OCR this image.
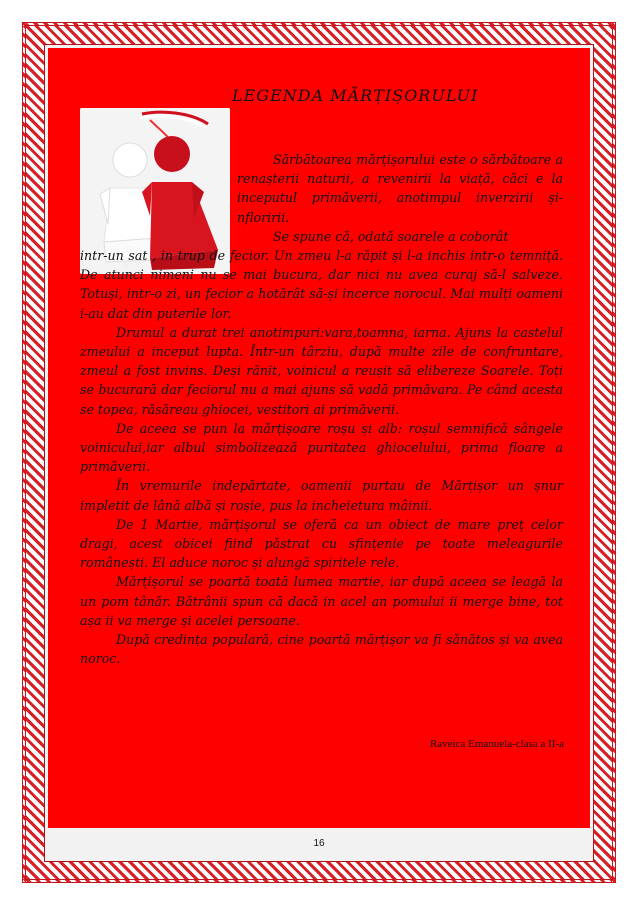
LEGENDA MĂRȚIȘORULUI

Sărbătoarea mărțișorului este o sărbătoare a renașterii naturii, a revenirii la viață, căci e la inceputul primăverii, anotimpul inverzirii și-nfloririi.

Se spune că, odată soarele a coborât

intr-un sat , in trup de fecior. Un zmeu l-a răpit și l-a inchis intr-o temniță. De atunci nimeni nu se mai bucura, dar nici nu avea curaj să-l salveze. Totuși, intr-o zi, un fecior a hotărât să-și incerce norocul. Mai mulți oameni i-au dat din puterile lor.

Drumul a durat trei anotimpuri:vara,toamna, iarna. Ajuns la castelul zmeului a inceput lupta. Într-un târziu, după multe zile de confruntare, zmeul a fost invins. Deși rănit, voinicul a reușit să elibereze Soarele. Toți se bucurară dar feciorul nu a mai ajuns să vadă primăvara. Pe când acesta se topea, răsăreau ghiocei, vestitori ai primăverii.

De aceea se pun la mărțișoare roșu și alb: roșul semnifică sângele voinicului,iar albul simbolizează puritatea ghiocelului, prima floare a primăverii.

În vremurile indepărtate, oamenii purtau de Mărțișor un șnur impletit de lână albă și roșie, pus la incheietura mâinii.

De 1 Martie, mărțișorul se oferă ca un obiect de mare preț celor dragi, acest obicei fiind păstrat cu sfințenie pe toate meleagurile românești. El aduce noroc și alungă spiritele rele.

Mărțișorul se poartă toată lumea martie, iar după aceea se leagă la un pom tânăr. Bătrânii spun că dacă in acel an pomului ii merge bine, tot așa ii va merge și acelei persoane.

După credința populară, cine poartă mărțișor va fi sănătos și va avea noroc.

Raveica Emanuela-clasa a II-a
16
